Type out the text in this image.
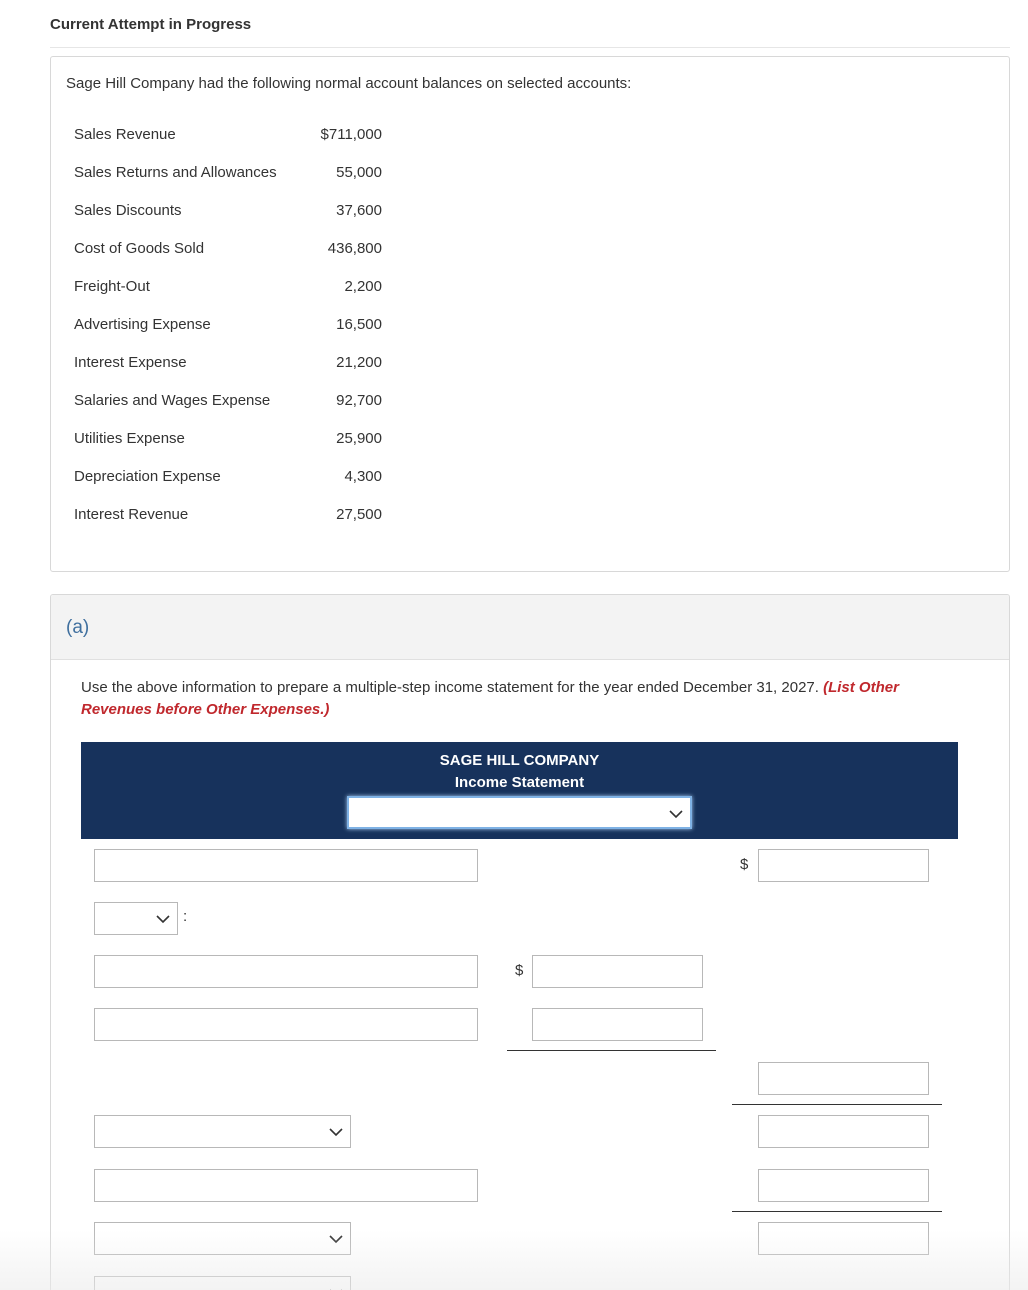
Current Attempt in Progress
Sage Hill Company had the following normal account balances on selected accounts:
Sales Revenue	$711,000
Sales Returns and Allowances	55,000
Sales Discounts	37,600
Cost of Goods Sold	436,800
Freight-Out	2,200
Advertising Expense	16,500
Interest Expense	21,200
Salaries and Wages Expense	92,700
Utilities Expense	25,900
Depreciation Expense	4,300
Interest Revenue	27,500
(a)
Use the above information to prepare a multiple-step income statement for the year ended December 31, 2027. (List Other Revenues before Other Expenses.)
SAGE HILL COMPANY
Income Statement
$
:
$
